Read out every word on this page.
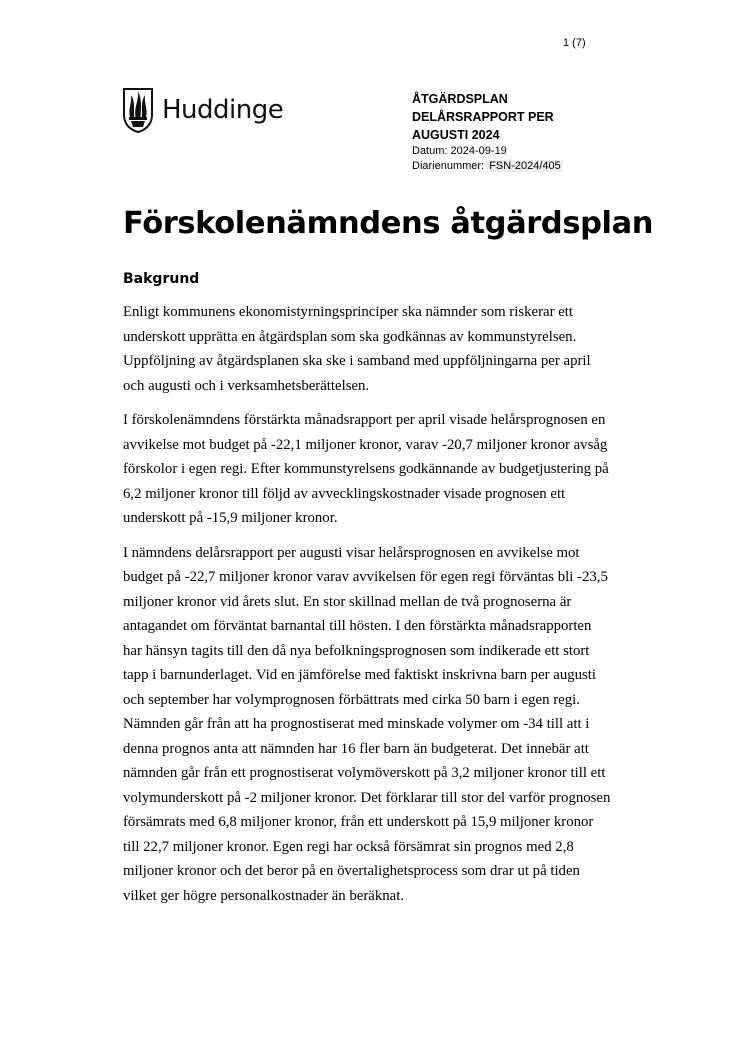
1 (7)
Huddinge	ÅTGÄRDSPLAN
DELÅRSRAPPORT PER
AUGUSTI 2024
Datum: 2024-09-19
Diarienummer: FSN-2024/405
Förskolenämndens åtgärdsplan
Bakgrund

Enligt kommunens ekonomistyrningsprinciper ska nämnder som riskerar ett
underskott upprätta en åtgärdsplan som ska godkännas av kommunstyrelsen.
Uppföljning av åtgärdsplanen ska ske i samband med uppföljningarna per april
och augusti och i verksamhetsberättelsen.

I förskolenämndens förstärkta månadsrapport per april visade helårsprognosen en
avvikelse mot budget på -22,1 miljoner kronor, varav -20,7 miljoner kronor avsåg
förskolor i egen regi. Efter kommunstyrelsens godkännande av budgetjustering på
6,2 miljoner kronor till följd av avvecklingskostnader visade prognosen ett
underskott på -15,9 miljoner kronor.

I nämndens delårsrapport per augusti visar helårsprognosen en avvikelse mot
budget på -22,7 miljoner kronor varav avvikelsen för egen regi förväntas bli -23,5
miljoner kronor vid årets slut. En stor skillnad mellan de två prognoserna är
antagandet om förväntat barnantal till hösten. I den förstärkta månadsrapporten
har hänsyn tagits till den då nya befolkningsprognosen som indikerade ett stort
tapp i barnunderlaget. Vid en jämförelse med faktiskt inskrivna barn per augusti
och september har volymprognosen förbättrats med cirka 50 barn i egen regi.
Nämnden går från att ha prognostiserat med minskade volymer om -34 till att i
denna prognos anta att nämnden har 16 fler barn än budgeterat. Det innebär att
nämnden går från ett prognostiserat volymöverskott på 3,2 miljoner kronor till ett
volymunderskott på -2 miljoner kronor. Det förklarar till stor del varför prognosen
försämrats med 6,8 miljoner kronor, från ett underskott på 15,9 miljoner kronor
till 22,7 miljoner kronor. Egen regi har också försämrat sin prognos med 2,8
miljoner kronor och det beror på en övertalighetsprocess som drar ut på tiden
vilket ger högre personalkostnader än beräknat.
